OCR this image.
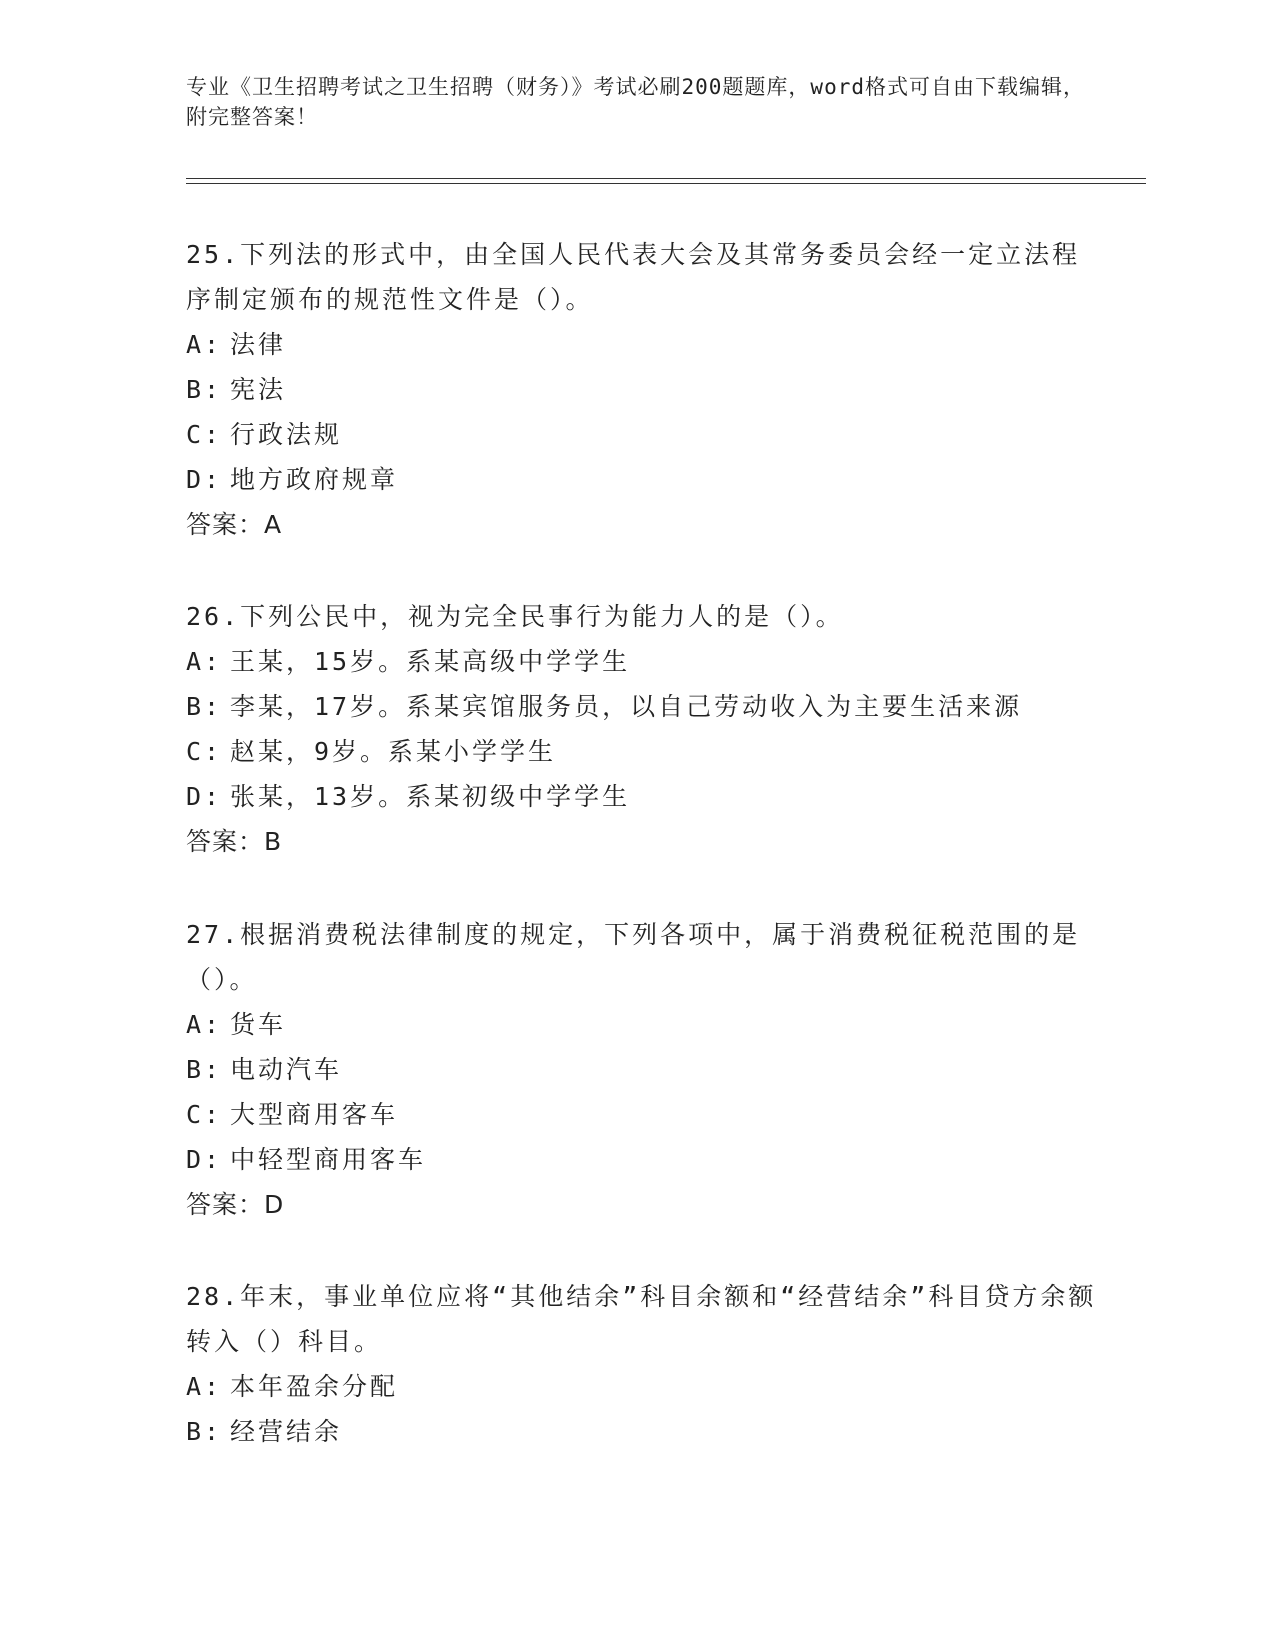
专业《卫生招聘考试之卫生招聘（财务）》考试必刷200题题库，word格式可自由下载编辑，附完整答案！

25.下列法的形式中，由全国人民代表大会及其常务委员会经一定立法程序制定颁布的规范性文件是（）。

A: 法律

B: 宪法

C: 行政法规

D: 地方政府规章

答案：A

26.下列公民中，视为完全民事行为能力人的是（）。

A: 王某，15岁。系某高级中学学生

B: 李某，17岁。系某宾馆服务员，以自己劳动收入为主要生活来源

C: 赵某，9岁。系某小学学生

D: 张某，13岁。系某初级中学学生

答案：B

27.根据消费税法律制度的规定，下列各项中，属于消费税征税范围的是（）。

A: 货车

B: 电动汽车

C: 大型商用客车

D: 中轻型商用客车

答案：D

28.年末，事业单位应将“其他结余”科目余额和“经营结余”科目贷方余额转入（）科目。

A: 本年盈余分配

B: 经营结余
